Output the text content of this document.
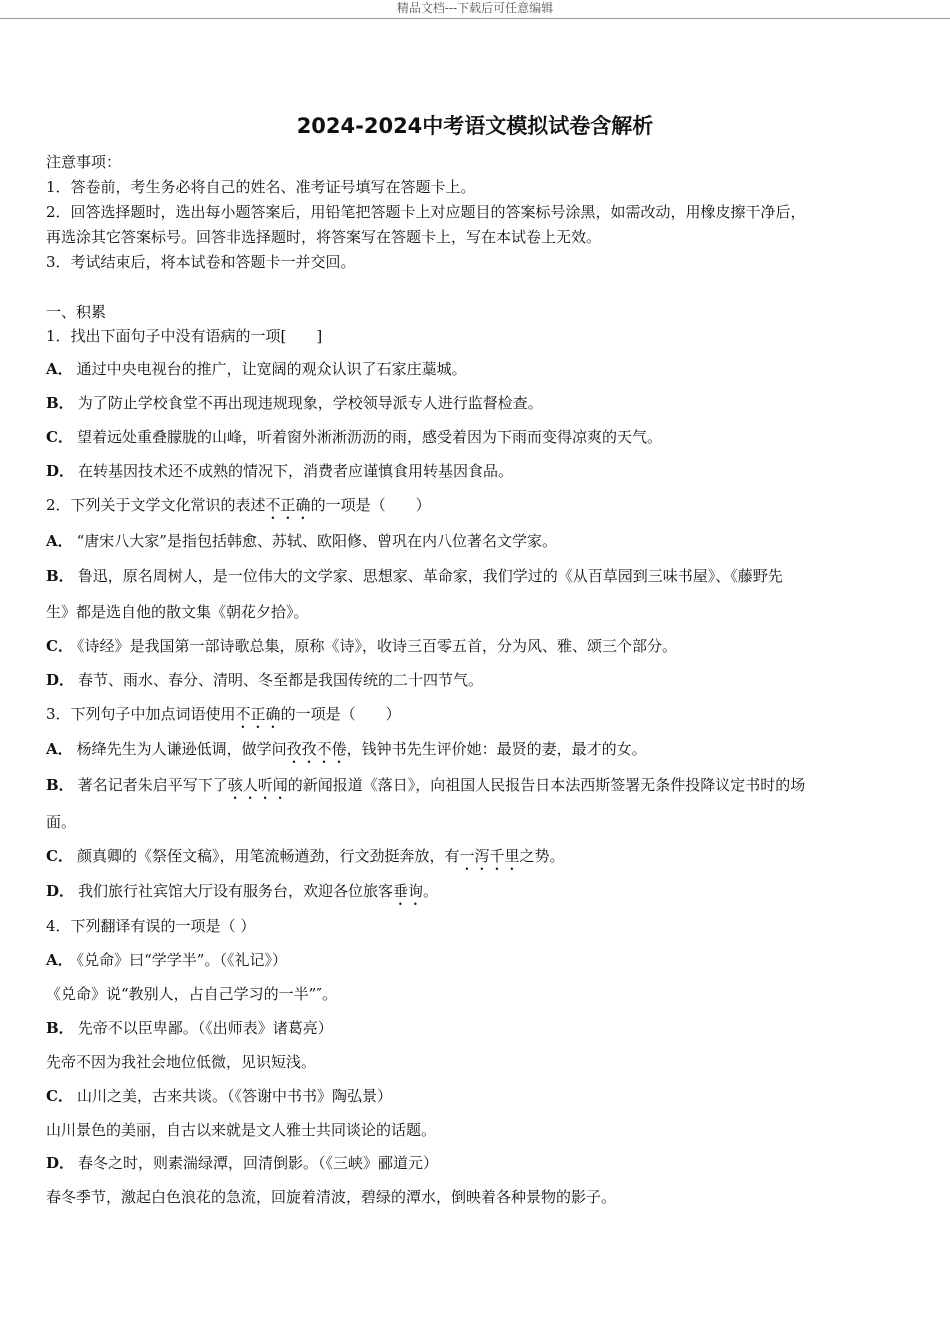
精品文档---下载后可任意编辑
2024-2024中考语文模拟试卷含解析
注意事项：
1．答卷前，考生务必将自己的姓名、准考证号填写在答题卡上。
2．回答选择题时，选出每小题答案后，用铅笔把答题卡上对应题目的答案标号涂黑，如需改动，用橡皮擦干净后，
再选涂其它答案标号。回答非选择题时，将答案写在答题卡上，写在本试卷上无效。
3．考试结束后，将本试卷和答题卡一并交回。
一、积累
1．找出下面句子中没有语病的一项[　　]
A． 通过中央电视台的推广，让宽阔的观众认识了石家庄藁城。
B． 为了防止学校食堂不再出现违规现象，学校领导派专人进行监督检查。
C． 望着远处重叠朦胧的山峰，听着窗外淅淅沥沥的雨，感受着因为下雨而变得凉爽的天气。
D． 在转基因技术还不成熟的情况下，消费者应谨慎食用转基因食品。
2．下列关于文学文化常识的表述不正确的一项是（　　）
A． “唐宋八大家”是指包括韩愈、苏轼、欧阳修、曾巩在内八位著名文学家。
B． 鲁迅，原名周树人，是一位伟大的文学家、思想家、革命家，我们学过的《从百草园到三味书屋》、《藤野先
生》都是选自他的散文集《朝花夕拾》。
C． 《诗经》是我国第一部诗歌总集，原称《诗》，收诗三百零五首，分为风、雅、颂三个部分。
D． 春节、雨水、春分、清明、冬至都是我国传统的二十四节气。
3．下列句子中加点词语使用不正确的一项是（　　）
A． 杨绛先生为人谦逊低调，做学问孜孜不倦，钱钟书先生评价她：最贤的妻，最才的女。
B． 著名记者朱启平写下了骇人听闻的新闻报道《落日》，向祖国人民报告日本法西斯签署无条件投降议定书时的场
面。
C． 颜真卿的《祭侄文稿》，用笔流畅遒劲，行文劲挺奔放，有一泻千里之势。
D． 我们旅行社宾馆大厅设有服务台，欢迎各位旅客垂询。
4．下列翻译有误的一项是（ ）
A． 《兑命》曰“学学半”。（《礼记》）
《兑命》说“教别人，占自己学习的一半”″。
B． 先帝不以臣卑鄙。（《出师表》诸葛亮）
先帝不因为我社会地位低微，见识短浅。
C． 山川之美，古来共谈。（《答谢中书书》陶弘景）
山川景色的美丽，自古以来就是文人雅士共同谈论的话题。
D． 春冬之时，则素湍绿潭，回清倒影。（《三峡》郦道元）
春冬季节，激起白色浪花的急流，回旋着清波，碧绿的潭水，倒映着各种景物的影子。
